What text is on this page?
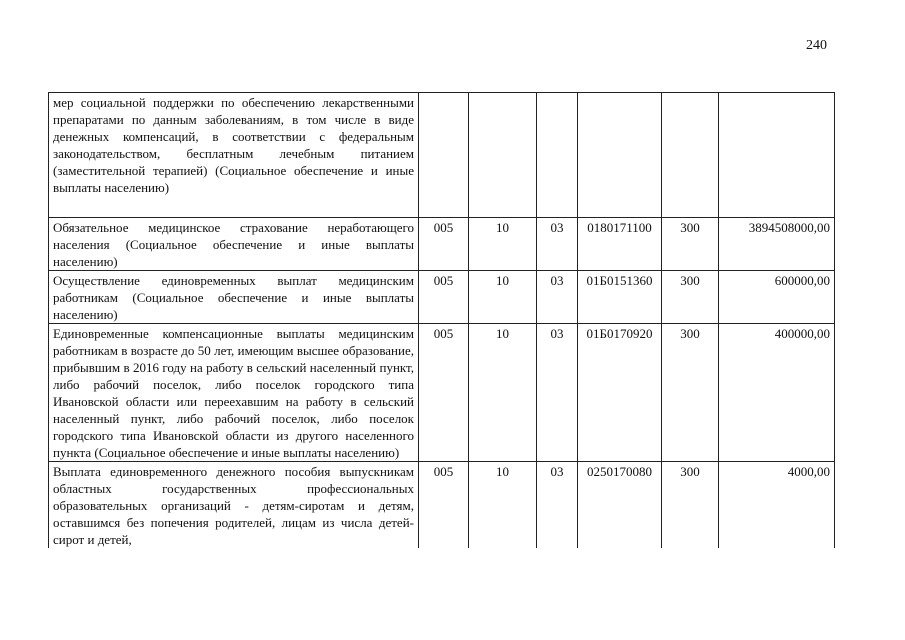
240
мер социальной поддержки по обеспечению лекарственными препаратами по данным заболеваниям, в том числе в виде денежных компенсаций, в соответствии с федеральным законодательством, бесплатным лечебным питанием (заместительной терапией) (Социальное обеспечение и иные выплаты населению)						
Обязательное медицинское страхование неработающего населения (Социальное обеспечение и иные выплаты населению)	005	10	03	0180171100	300	3894508000,00
Осуществление единовременных выплат медицинским работникам (Социальное обеспечение и иные выплаты населению)	005	10	03	01Б0151360	300	600000,00
Единовременные компенсационные выплаты медицинским работникам в возрасте до 50 лет, имеющим высшее образование, прибывшим в 2016 году на работу в сельский населенный пункт, либо рабочий поселок, либо поселок городского типа Ивановской области или переехавшим на работу в сельский населенный пункт, либо рабочий поселок, либо поселок городского типа Ивановской области из другого населенного пункта (Социальное обеспечение и иные выплаты населению)	005	10	03	01Б0170920	300	400000,00
Выплата единовременного денежного пособия выпускникам областных государственных профессиональных образовательных организаций - детям-сиротам и детям, оставшимся без попечения родителей, лицам из числа детей-сирот и детей,	005	10	03	0250170080	300	4000,00
